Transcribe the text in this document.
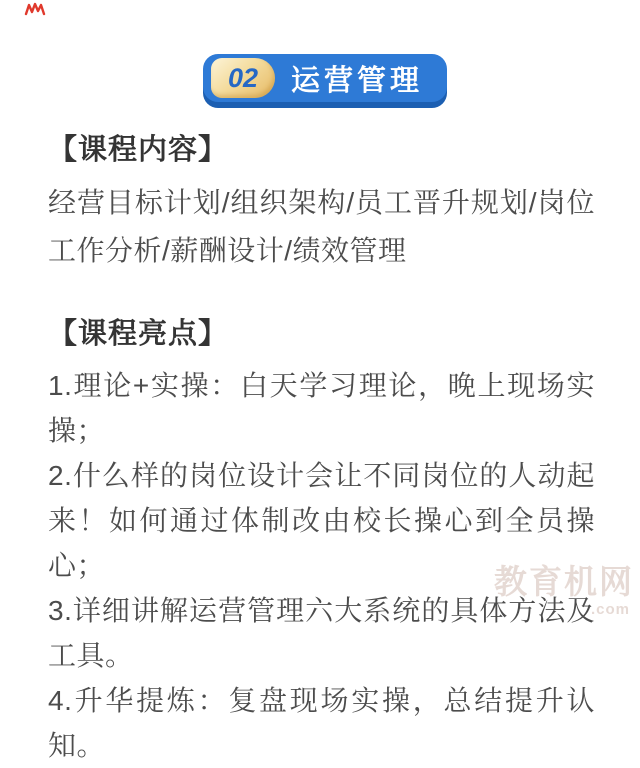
02 运营管理
【课程内容】

经营目标计划/组织架构/员工晋升规划/岗位工作分析/薪酬设计/绩效管理

【课程亮点】

1.理论+实操：白天学习理论，晚上现场实操；

2.什么样的岗位设计会让不同岗位的人动起来！如何通过体制改由校长操心到全员操心；

3.详细讲解运营管理六大系统的具体方法及工具。

4.升华提炼：复盘现场实操，总结提升认知。

教育机网
.com
